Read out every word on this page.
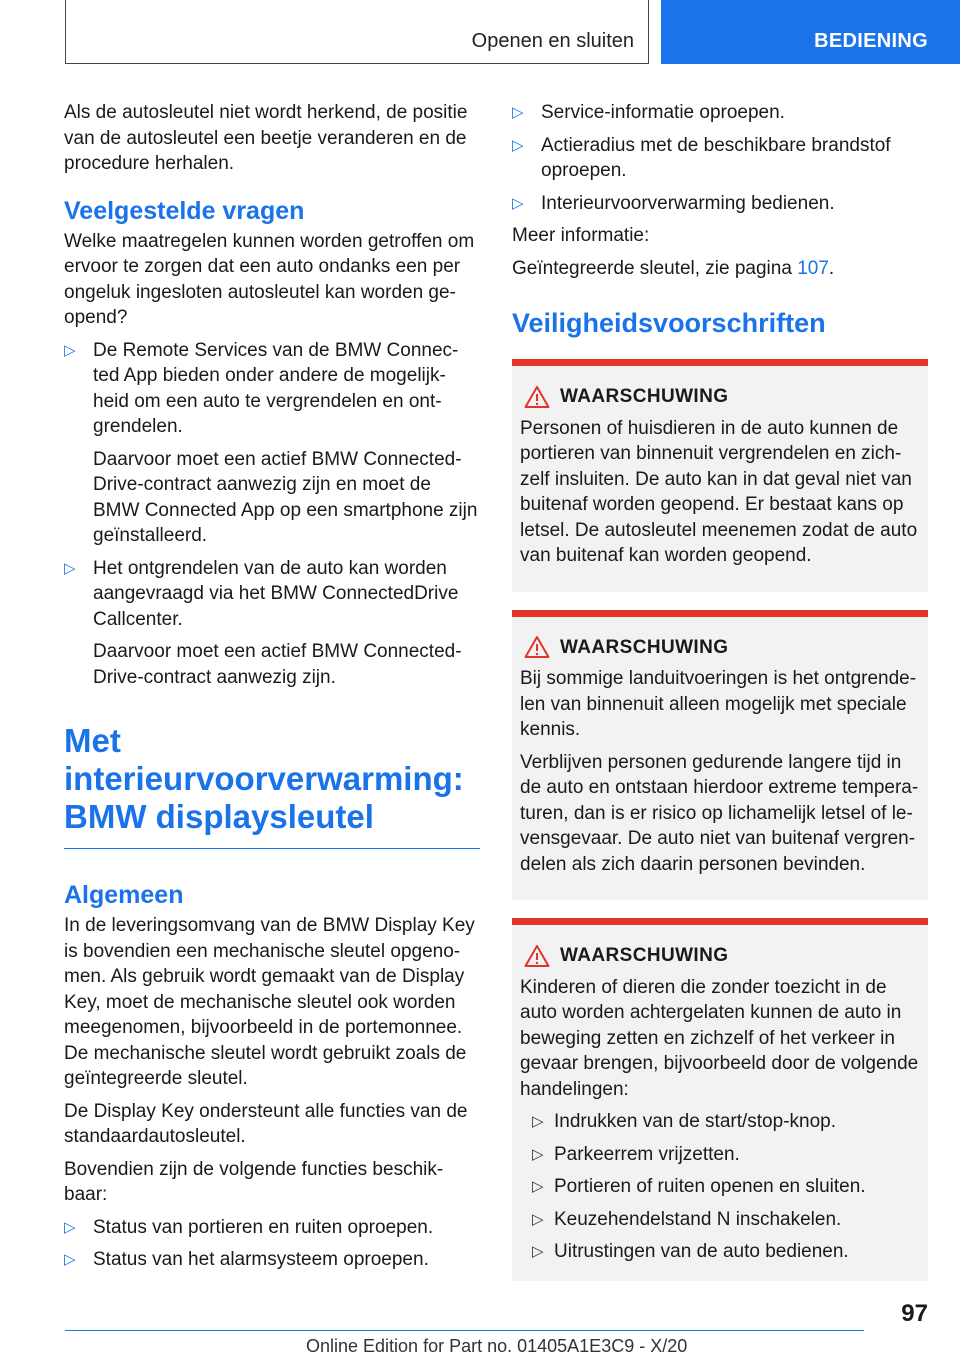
Openen en sluiten	BEDIENING

Als de autosleutel niet wordt herkend, de positie van de autosleutel een beetje veranderen en de procedure herhalen.

Veelgestelde vragen

Welke maatregelen kunnen worden getroffen om ervoor te zorgen dat een auto ondanks een per ongeluk ingesloten autosleutel kan worden ge-opend?

▷ De Remote Services van de BMW Connec-ted App bieden onder andere de mogelijk-heid om een auto te vergrendelen en ont-grendelen.

Daarvoor moet een actief BMW Connected-Drive-contract aanwezig zijn en moet de BMW Connected App op een smartphone zijn geïnstalleerd.

▷ Het ontgrendelen van de auto kan worden aangevraagd via het BMW ConnectedDrive Callcenter.

Daarvoor moet een actief BMW Connected-Drive-contract aanwezig zijn.

Met
interieurvoorverwarming:
BMW displaysleutel
Algemeen

In de leveringsomvang van de BMW Display Key is bovendien een mechanische sleutel opgeno-men. Als gebruik wordt gemaakt van de Display Key, moet de mechanische sleutel ook worden meegenomen, bijvoorbeeld in de portemonnee. De mechanische sleutel wordt gebruikt zoals de geïntegreerde sleutel.

De Display Key ondersteunt alle functies van de standaardautosleutel.

Bovendien zijn de volgende functies beschik-baar:

▷ Status van portieren en ruiten oproepen.
▷ Status van het alarmsysteem oproepen.
▷ Service-informatie oproepen.
▷ Actieradius met de beschikbare brandstof oproepen.
▷ Interieurvoorverwarming bedienen.

Meer informatie:

Geïntegreerde sleutel, zie pagina 107.

Veiligheidsvoorschriften
WAARSCHUWING

Personen of huisdieren in de auto kunnen de portieren van binnenuit vergrendelen en zich-zelf insluiten. De auto kan in dat geval niet van buitenaf worden geopend. Er bestaat kans op letsel. De autosleutel meenemen zodat de auto van buitenaf kan worden geopend.

WAARSCHUWING

Bij sommige landuitvoeringen is het ontgrende-len van binnenuit alleen mogelijk met speciale kennis.

Verblijven personen gedurende langere tijd in de auto en ontstaan hierdoor extreme tempera-turen, dan is er risico op lichamelijk letsel of le-vensgevaar. De auto niet van buitenaf vergren-delen als zich daarin personen bevinden.

WAARSCHUWING

Kinderen of dieren die zonder toezicht in de auto worden achtergelaten kunnen de auto in beweging zetten en zichzelf of het verkeer in gevaar brengen, bijvoorbeeld door de volgende handelingen:

▷ Indrukken van de start/stop-knop.
▷ Parkeerrem vrijzetten.
▷ Portieren of ruiten openen en sluiten.
▷ Keuzehendelstand N inschakelen.
▷ Uitrustingen van de auto bedienen.
97
Online Edition for Part no. 01405A1E3C9 - X/20
